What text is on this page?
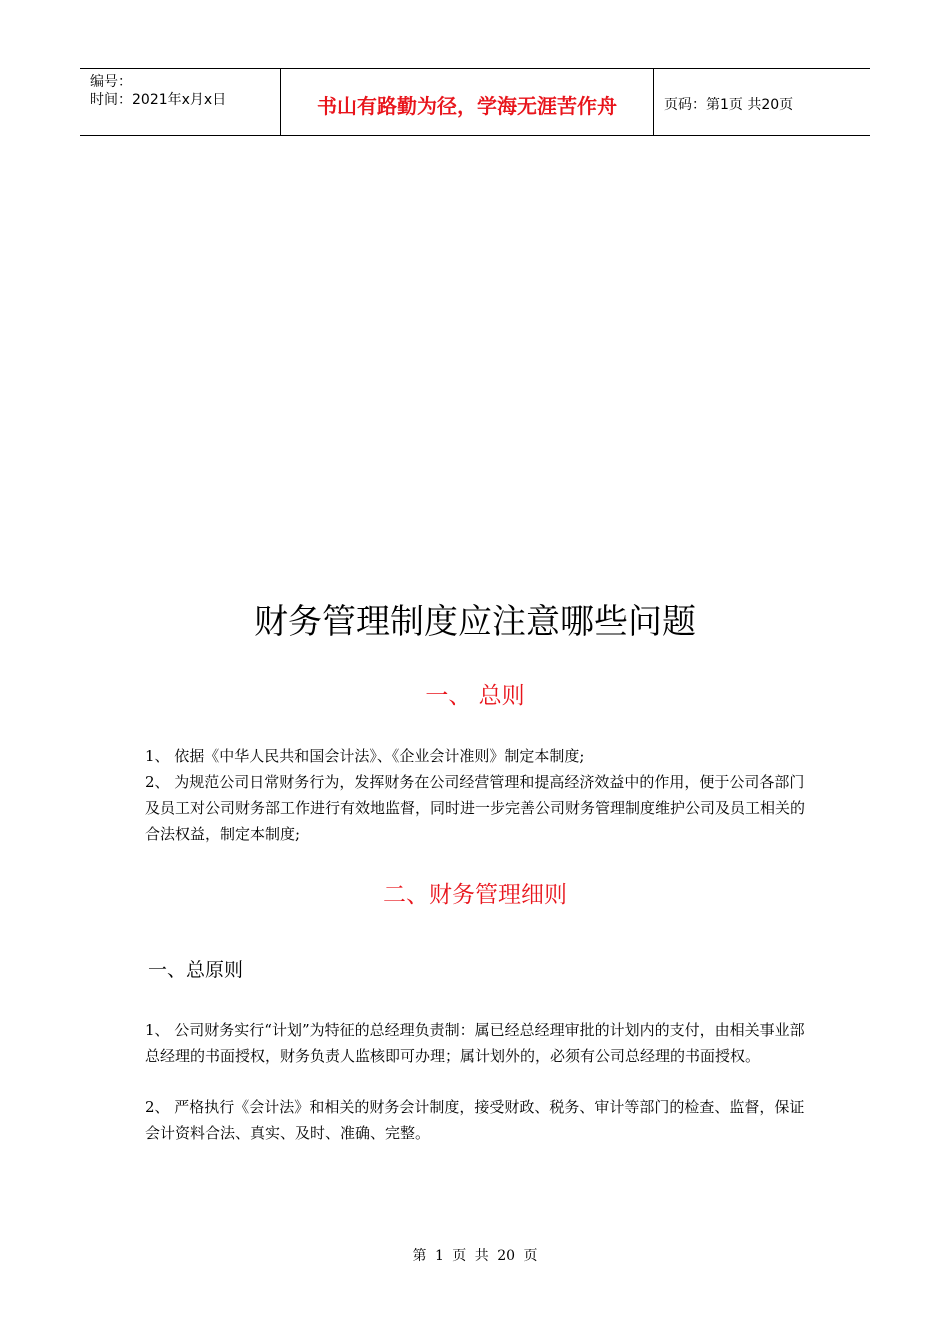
编号：
时间：2021年x月x日	书山有路勤为径，学海无涯苦作舟	页码：第1页 共20页
财务管理制度应注意哪些问题
一、 总则

1、 依据《中华人民共和国会计法》、《企业会计准则》制定本制度;

2、 为规范公司日常财务行为，发挥财务在公司经营管理和提高经济效益中的作用，便于公司各部门及员工对公司财务部工作进行有效地监督，同时进一步完善公司财务管理制度维护公司及员工相关的合法权益，制定本制度;

二、财务管理细则
一、总原则

1、 公司财务实行“计划”为特征的总经理负责制：属已经总经理审批的计划内的支付，由相关事业部总经理的书面授权，财务负责人监核即可办理；属计划外的，必须有公司总经理的书面授权。

2、 严格执行《会计法》和相关的财务会计制度，接受财政、税务、审计等部门的检查、监督，保证会计资料合法、真实、及时、准确、完整。

第 1 页 共 20 页
